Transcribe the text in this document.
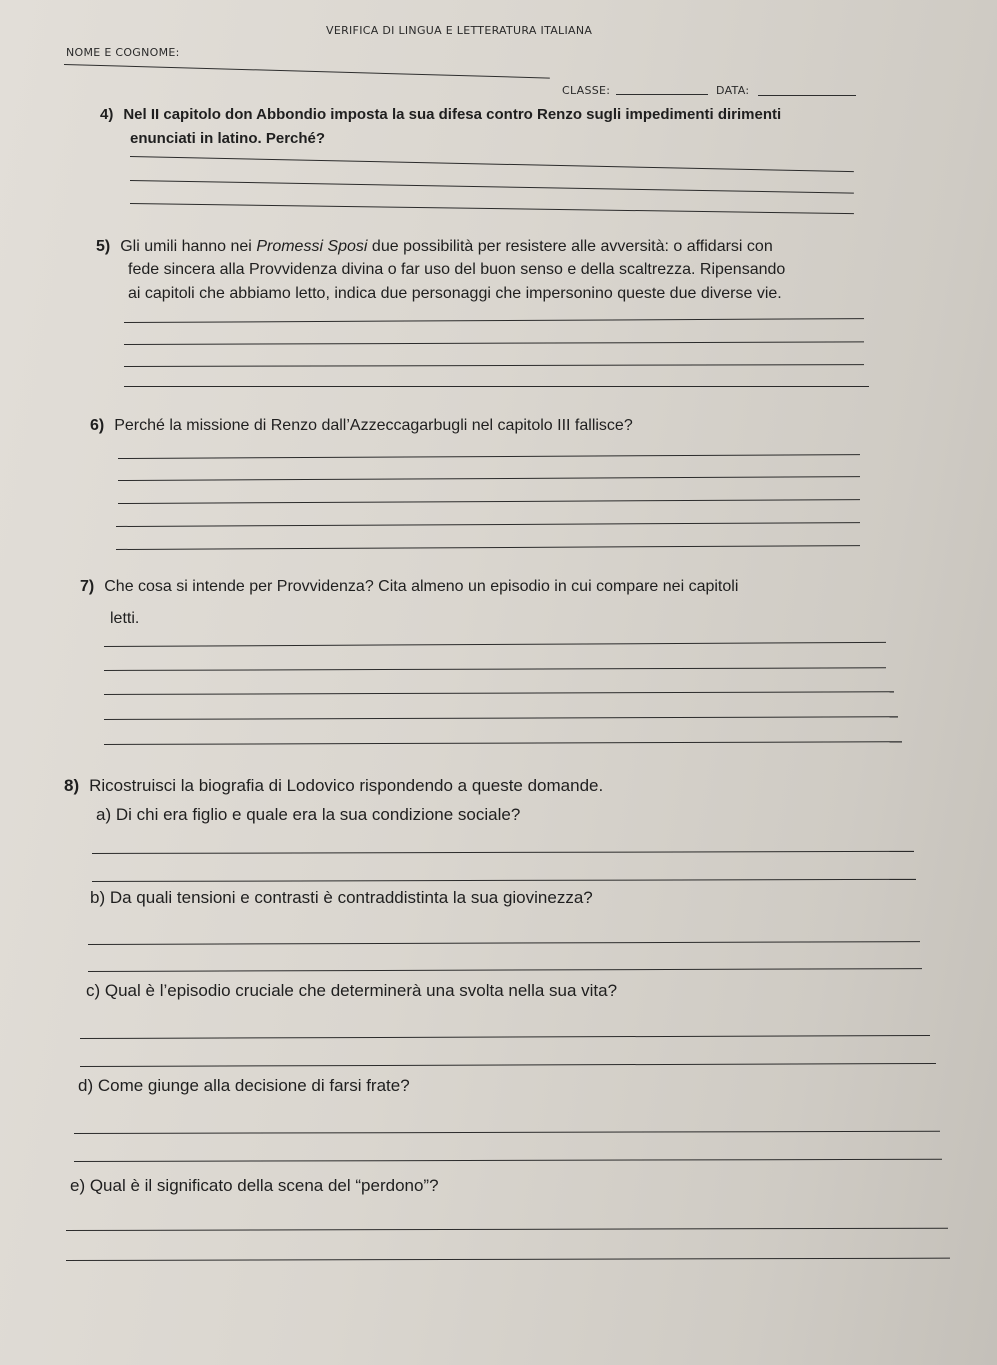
NOME E COGNOME:
VERIFICA DI LINGUA E LETTERATURA ITALIANA
CLASSE:	DATA:
4) Nel II capitolo don Abbondio imposta la sua difesa contro Renzo sugli impedimenti dirimenti
enunciati in latino. Perché?
5) Gli umili hanno nei Promessi Sposi due possibilità per resistere alle avversità: o affidarsi con
fede sincera alla Provvidenza divina o far uso del buon senso e della scaltrezza. Ripensando
ai capitoli che abbiamo letto, indica due personaggi che impersonino queste due diverse vie.
6) Perché la missione di Renzo dall’Azzeccagarbugli nel capitolo III fallisce?
7) Che cosa si intende per Provvidenza? Cita almeno un episodio in cui compare nei capitoli
letti.
8) Ricostruisci la biografia di Lodovico rispondendo a queste domande.
a) Di chi era figlio e quale era la sua condizione sociale?
b) Da quali tensioni e contrasti è contraddistinta la sua giovinezza?
c) Qual è l’episodio cruciale che determinerà una svolta nella sua vita?
d) Come giunge alla decisione di farsi frate?
e) Qual è il significato della scena del “perdono”?
